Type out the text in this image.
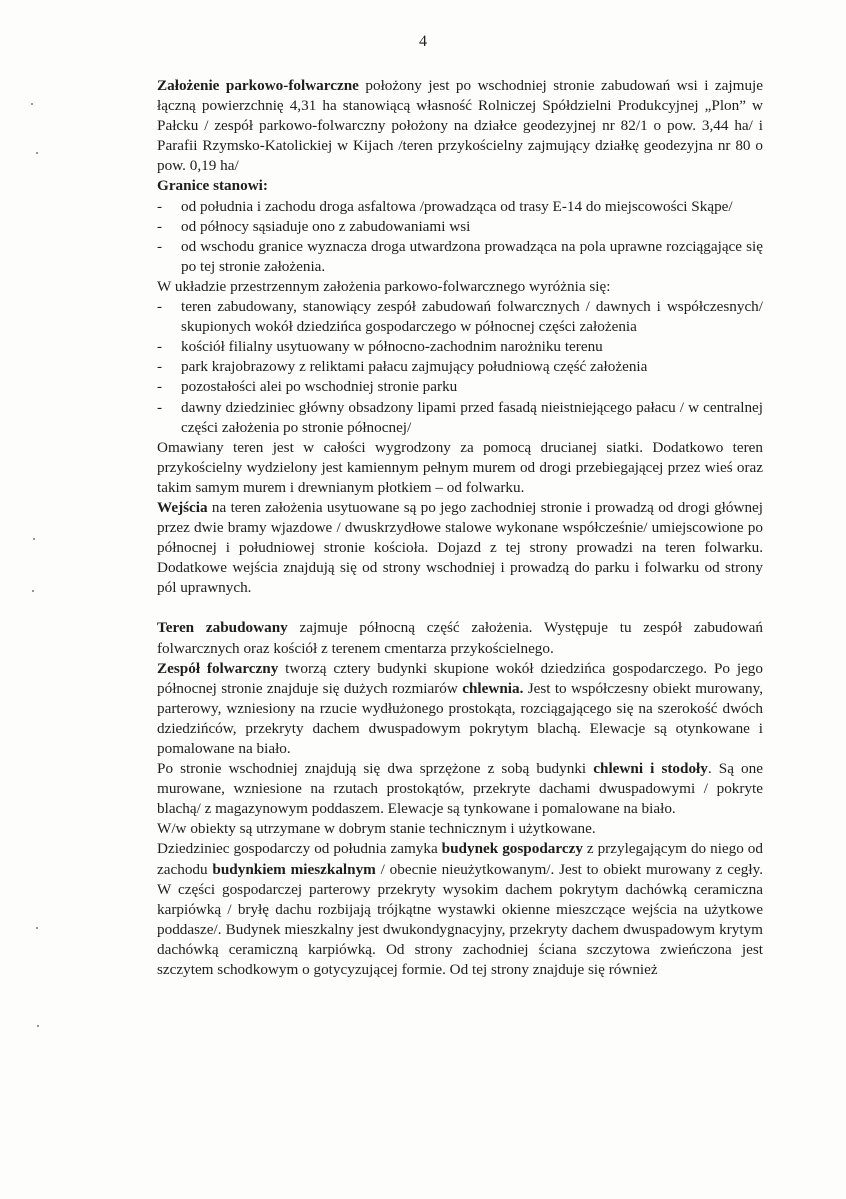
4

Założenie parkowo-folwarczne położony jest po wschodniej stronie zabudowań wsi i zajmuje łączną powierzchnię 4,31 ha stanowiącą własność Rolniczej Spółdzielni Produkcyjnej „Plon” w Pałcku / zespół parkowo-folwarczny położony na działce geodezyjnej nr 82/1 o pow. 3,44 ha/ i Parafii Rzymsko-Katolickiej w Kijach /teren przykościelny zajmujący działkę geodezyjna nr 80 o pow. 0,19 ha/

Granice stanowi:

- od południa i zachodu droga asfaltowa /prowadząca od trasy E-14 do miejscowości Skąpe/
- od północy sąsiaduje ono z zabudowaniami wsi
- od wschodu granice wyznacza droga utwardzona prowadząca na pola uprawne rozciągające się po tej stronie założenia.

W układzie przestrzennym założenia parkowo-folwarcznego wyróżnia się:

- teren zabudowany, stanowiący zespół zabudowań folwarcznych / dawnych i współczesnych/ skupionych wokół dziedzińca gospodarczego w północnej części założenia
- kościół filialny usytuowany w północno-zachodnim narożniku terenu
- park krajobrazowy z reliktami pałacu zajmujący południową część założenia
- pozostałości alei po wschodniej stronie parku
- dawny dziedziniec główny obsadzony lipami przed fasadą nieistniejącego pałacu / w centralnej części założenia po stronie północnej/

Omawiany teren jest w całości wygrodzony za pomocą drucianej siatki. Dodatkowo teren przykościelny wydzielony jest kamiennym pełnym murem od drogi przebiegającej przez wieś oraz takim samym murem i drewnianym płotkiem – od folwarku.

Wejścia na teren założenia usytuowane są po jego zachodniej stronie i prowadzą od drogi głównej przez dwie bramy wjazdowe / dwuskrzydłowe stalowe wykonane współcześnie/ umiejscowione po północnej i południowej stronie kościoła. Dojazd z tej strony prowadzi na teren folwarku. Dodatkowe wejścia znajdują się od strony wschodniej i prowadzą do parku i folwarku od strony pól uprawnych.

Teren zabudowany zajmuje północną część założenia. Występuje tu zespół zabudowań folwarcznych oraz kościół z terenem cmentarza przykościelnego.

Zespół folwarczny tworzą cztery budynki skupione wokół dziedzińca gospodarczego. Po jego północnej stronie znajduje się dużych rozmiarów chlewnia. Jest to współczesny obiekt murowany, parterowy, wzniesiony na rzucie wydłużonego prostokąta, rozciągającego się na szerokość dwóch dziedzińców, przekryty dachem dwuspadowym pokrytym blachą. Elewacje są otynkowane i pomalowane na biało.

Po stronie wschodniej znajdują się dwa sprzężone z sobą budynki chlewni i stodoły. Są one murowane, wzniesione na rzutach prostokątów, przekryte dachami dwuspadowymi / pokryte blachą/ z magazynowym poddaszem. Elewacje są tynkowane i pomalowane na biało.

W/w obiekty są utrzymane w dobrym stanie technicznym i użytkowane.

Dziedziniec gospodarczy od południa zamyka budynek gospodarczy z przylegającym do niego od zachodu budynkiem mieszkalnym / obecnie nieużytkowanym/. Jest to obiekt murowany z cegły. W części gospodarczej parterowy przekryty wysokim dachem pokrytym dachówką ceramiczna karpiówką / bryłę dachu rozbijają trójkątne wystawki okienne mieszczące wejścia na użytkowe poddasze/. Budynek mieszkalny jest dwukondygnacyjny, przekryty dachem dwuspadowym krytym dachówką ceramiczną karpiówką. Od strony zachodniej ściana szczytowa zwieńczona jest szczytem schodkowym o gotycyzującej formie. Od tej strony znajduje się również
